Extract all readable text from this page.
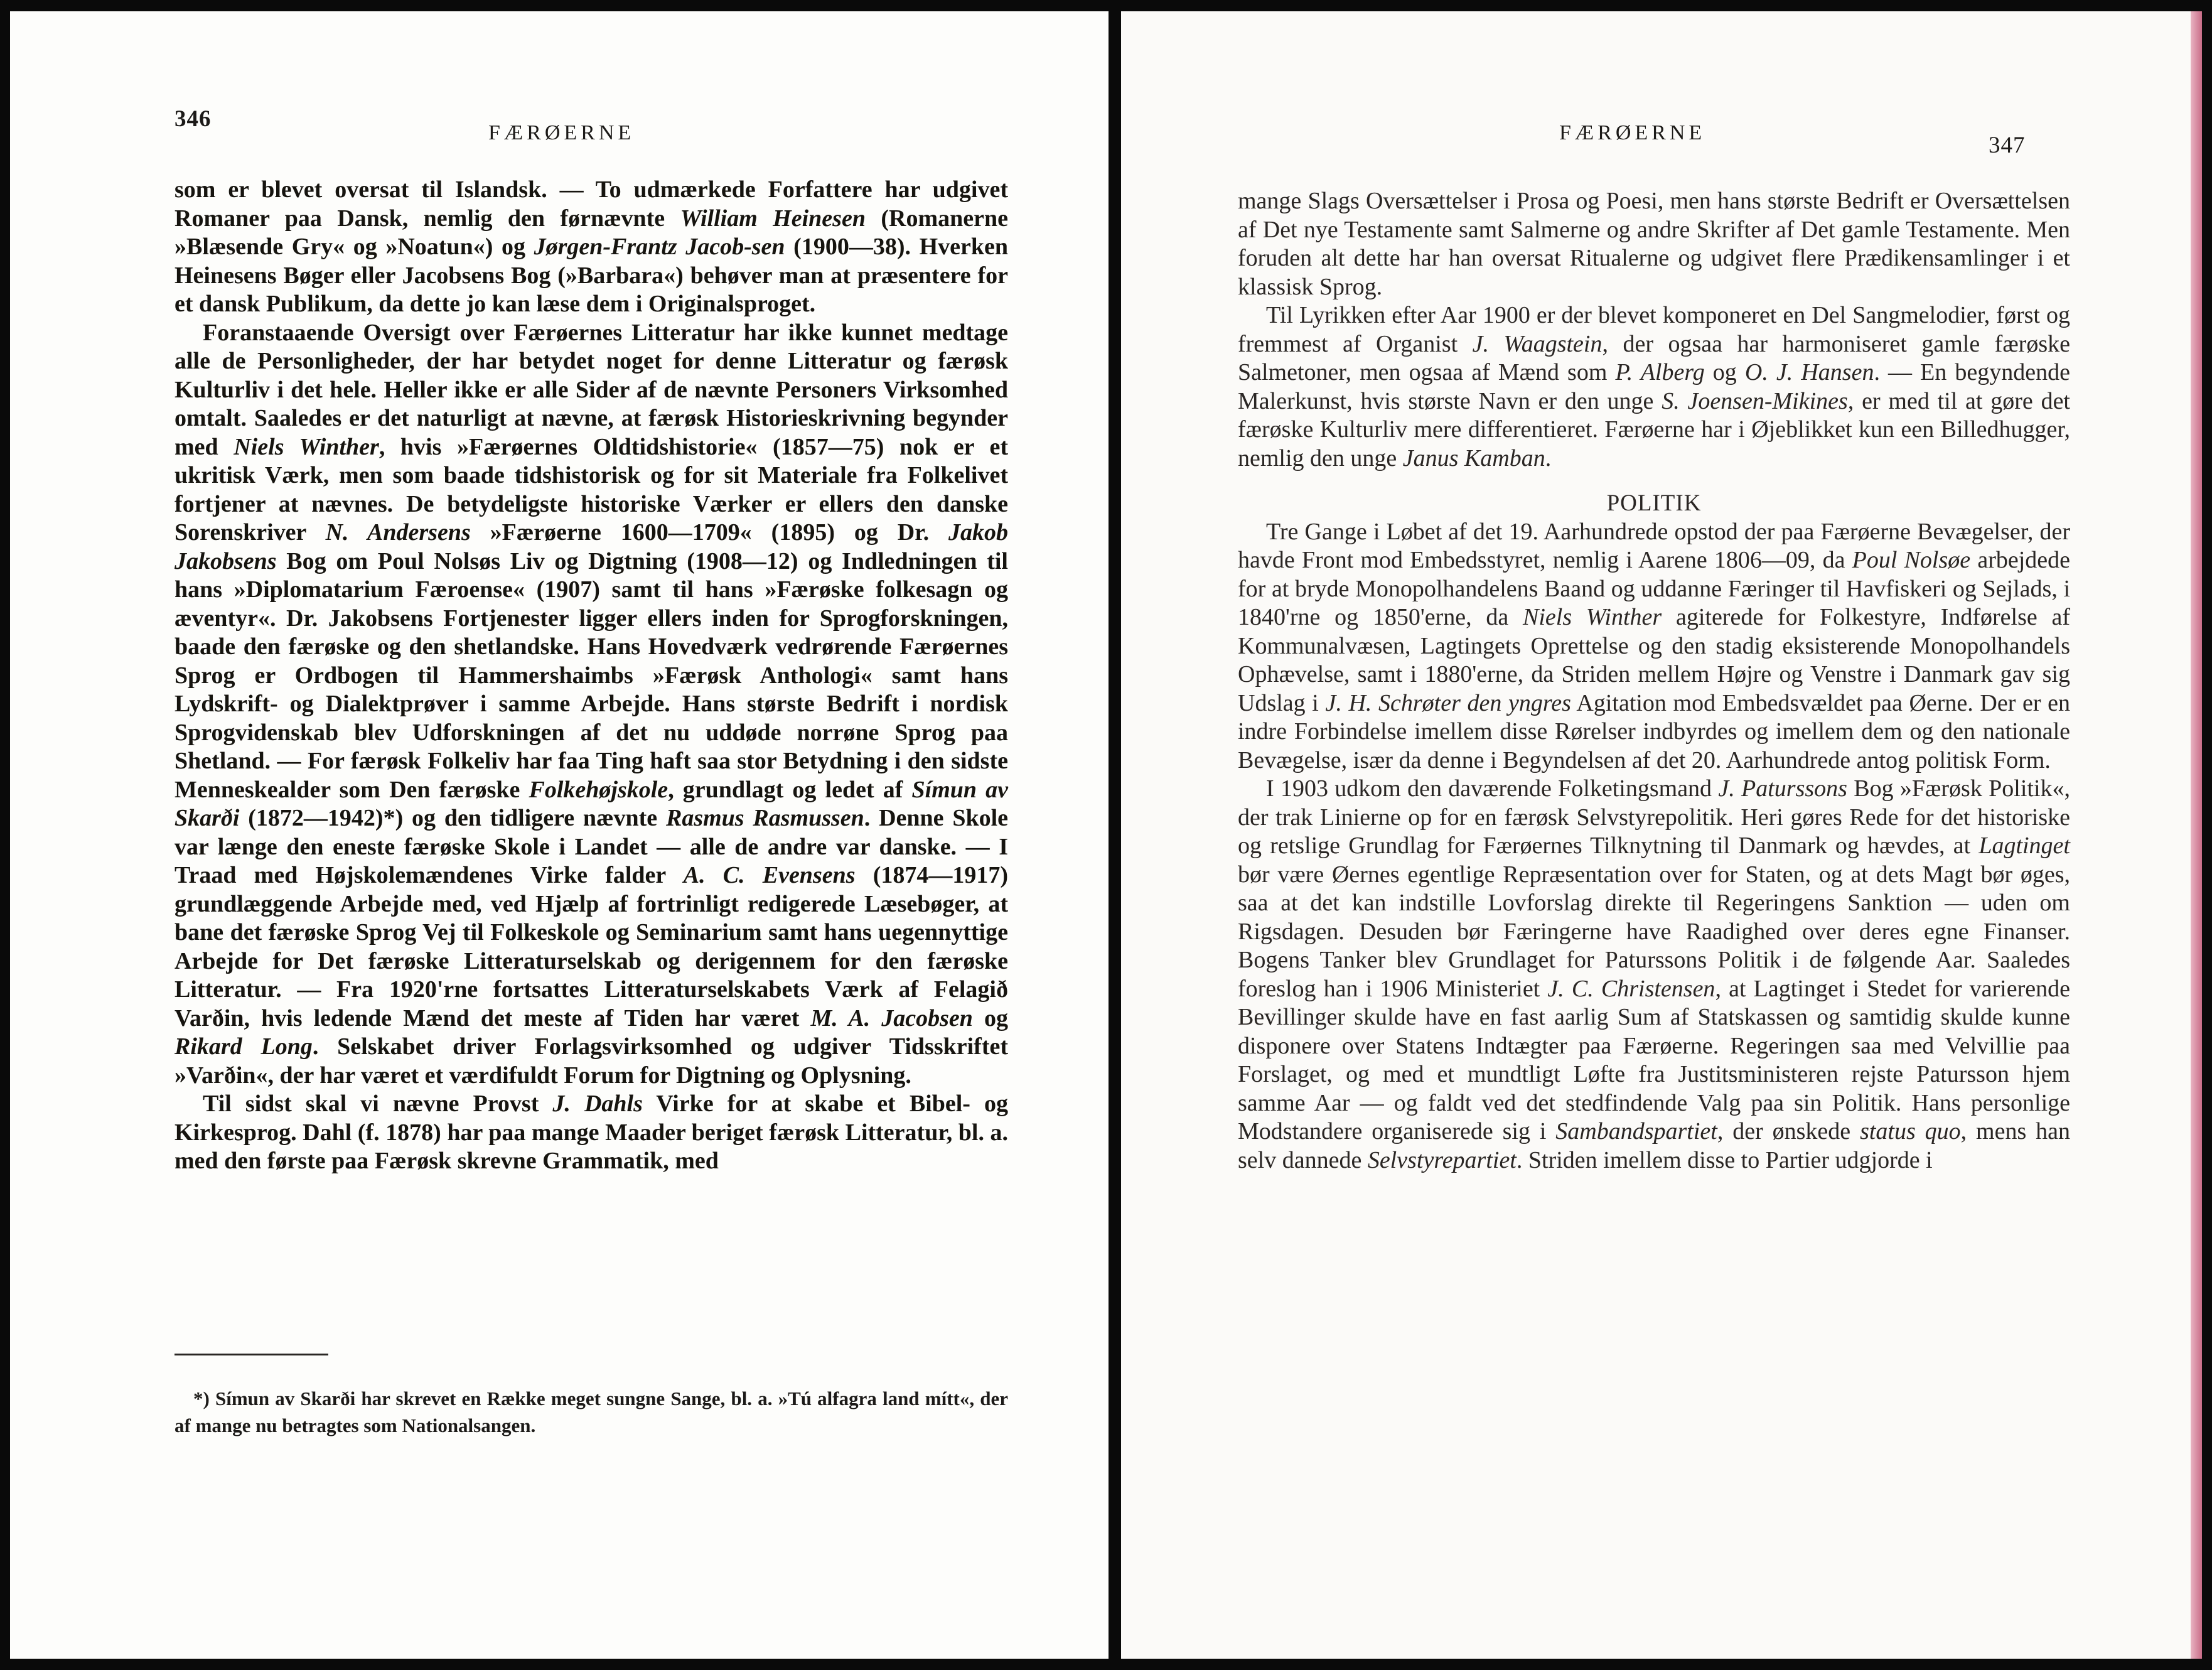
346
FÆRØERNE

som er blevet oversat til Islandsk. — To udmærkede Forfattere har udgivet Romaner paa Dansk, nemlig den førnævnte William Heinesen (Romanerne »Blæsende Gry« og »Noatun«) og Jørgen-Frantz Jacob-sen (1900—38). Hverken Heinesens Bøger eller Jacobsens Bog (»Barbara«) behøver man at præsentere for et dansk Publikum, da dette jo kan læse dem i Originalsproget.

Foranstaaende Oversigt over Færøernes Litteratur har ikke kunnet medtage alle de Personligheder, der har betydet noget for denne Litteratur og færøsk Kulturliv i det hele. Heller ikke er alle Sider af de nævnte Personers Virksomhed omtalt. Saaledes er det naturligt at nævne, at færøsk Historieskrivning begynder med Niels Winther, hvis »Færøernes Oldtidshistorie« (1857—75) nok er et ukritisk Værk, men som baade tidshistorisk og for sit Materiale fra Folkelivet fortjener at nævnes. De betydeligste historiske Værker er ellers den danske Sorenskriver N. Andersens »Færøerne 1600—1709« (1895) og Dr. Jakob Jakobsens Bog om Poul Nolsøs Liv og Digtning (1908—12) og Indledningen til hans »Diplomatarium Færoense« (1907) samt til hans »Færøske folkesagn og æventyr«. Dr. Jakobsens Fortjenester ligger ellers inden for Sprogforskningen, baade den færøske og den shetlandske. Hans Hovedværk vedrørende Færøernes Sprog er Ordbogen til Hammershaimbs »Færøsk Anthologi« samt hans Lydskrift- og Dialektprøver i samme Arbejde. Hans største Bedrift i nordisk Sprogvidenskab blev Udforskningen af det nu uddøde norrøne Sprog paa Shetland. — For færøsk Folkeliv har faa Ting haft saa stor Betydning i den sidste Menneskealder som Den færøske Folkehøjskole, grundlagt og ledet af Símun av Skarði (1872—1942)*) og den tidligere nævnte Rasmus Rasmussen. Denne Skole var længe den eneste færøske Skole i Landet — alle de andre var danske. — I Traad med Højskolemændenes Virke falder A. C. Evensens (1874—1917) grundlæggende Arbejde med, ved Hjælp af fortrinligt redigerede Læsebøger, at bane det færøske Sprog Vej til Folkeskole og Seminarium samt hans uegennyttige Arbejde for Det færøske Litteraturselskab og derigennem for den færøske Litteratur. — Fra 1920'rne fortsattes Litteraturselskabets Værk af Felagið Varðin, hvis ledende Mænd det meste af Tiden har været M. A. Jacobsen og Rikard Long. Selskabet driver Forlagsvirksomhed og udgiver Tidsskriftet »Varðin«, der har været et værdifuldt Forum for Digtning og Oplysning.

Til sidst skal vi nævne Provst J. Dahls Virke for at skabe et Bibel- og Kirkesprog. Dahl (f. 1878) har paa mange Maader beriget færøsk Litteratur, bl. a. med den første paa Færøsk skrevne Grammatik, med

*) Símun av Skarði har skrevet en Række meget sungne Sange, bl. a. »Tú alfagra land mítt«, der af mange nu betragtes som Nationalsangen.
FÆRØERNE	347

mange Slags Oversættelser i Prosa og Poesi, men hans største Bedrift er Oversættelsen af Det nye Testamente samt Salmerne og andre Skrifter af Det gamle Testamente. Men foruden alt dette har han oversat Ritualerne og udgivet flere Prædikensamlinger i et klassisk Sprog.

Til Lyrikken efter Aar 1900 er der blevet komponeret en Del Sangmelodier, først og fremmest af Organist J. Waagstein, der ogsaa har harmoniseret gamle færøske Salmetoner, men ogsaa af Mænd som P. Alberg og O. J. Hansen. — En begyndende Malerkunst, hvis største Navn er den unge S. Joensen-Mikines, er med til at gøre det færøske Kulturliv mere differentieret. Færøerne har i Øjeblikket kun een Billedhugger, nemlig den unge Janus Kamban.

POLITIK

Tre Gange i Løbet af det 19. Aarhundrede opstod der paa Færøerne Bevægelser, der havde Front mod Embedsstyret, nemlig i Aarene 1806—09, da Poul Nolsøe arbejdede for at bryde Monopolhandelens Baand og uddanne Færinger til Havfiskeri og Sejlads, i 1840'rne og 1850'erne, da Niels Winther agiterede for Folkestyre, Indførelse af Kommunalvæsen, Lagtingets Oprettelse og den stadig eksisterende Monopolhandels Ophævelse, samt i 1880'erne, da Striden mellem Højre og Venstre i Danmark gav sig Udslag i J. H. Schrøter den yngres Agitation mod Embedsvældet paa Øerne. Der er en indre Forbindelse imellem disse Rørelser indbyrdes og imellem dem og den nationale Bevægelse, især da denne i Begyndelsen af det 20. Aarhundrede antog politisk Form.

I 1903 udkom den daværende Folketingsmand J. Paturssons Bog »Færøsk Politik«, der trak Linierne op for en færøsk Selvstyrepolitik. Heri gøres Rede for det historiske og retslige Grundlag for Færøernes Tilknytning til Danmark og hævdes, at Lagtinget bør være Øernes egentlige Repræsentation over for Staten, og at dets Magt bør øges, saa at det kan indstille Lovforslag direkte til Regeringens Sanktion — uden om Rigsdagen. Desuden bør Færingerne have Raadighed over deres egne Finanser. Bogens Tanker blev Grundlaget for Paturssons Politik i de følgende Aar. Saaledes foreslog han i 1906 Ministeriet J. C. Christensen, at Lagtinget i Stedet for varierende Bevillinger skulde have en fast aarlig Sum af Statskassen og samtidig skulde kunne disponere over Statens Indtægter paa Færøerne. Regeringen saa med Velvillie paa Forslaget, og med et mundtligt Løfte fra Justitsministeren rejste Patursson hjem samme Aar — og faldt ved det stedfindende Valg paa sin Politik. Hans personlige Modstandere organiserede sig i Sambandspartiet, der ønskede status quo, mens han selv dannede Selvstyrepartiet. Striden imellem disse to Partier udgjorde i
